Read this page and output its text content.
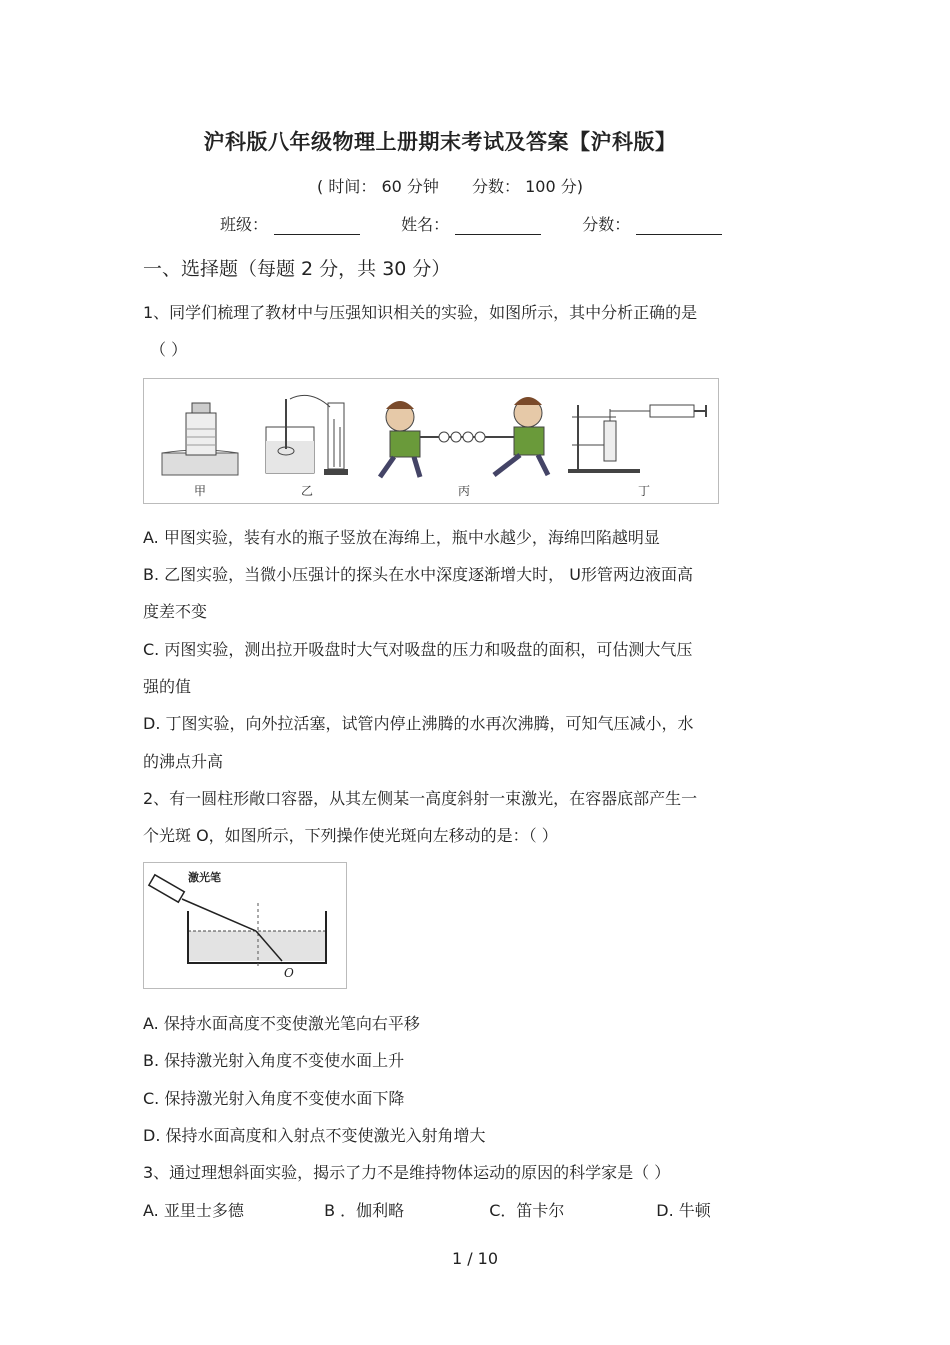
沪科版八年级物理上册期末考试及答案【沪科版】
( 时间： 60 分钟 分数： 100 分)
班级：	姓名：	分数：
一、选择题（每题 2 分，共 30 分）
1、同学们梳理了教材中与压强知识相关的实验，如图所示，其中分析正确的是
（ ）
甲	乙	丙	丁
A. 甲图实验，装有水的瓶子竖放在海绵上，瓶中水越少，海绵凹陷越明显
B. 乙图实验，当微小压强计的探头在水中深度逐渐增大时， U形管两边液面高
度差不变
C. 丙图实验，测出拉开吸盘时大气对吸盘的压力和吸盘的面积，可估测大气压
强的值
D. 丁图实验，向外拉活塞，试管内停止沸腾的水再次沸腾，可知气压减小，水
的沸点升高
2、有一圆柱形敞口容器，从其左侧某一高度斜射一束激光，在容器底部产生一
个光斑 O，如图所示，下列操作使光斑向左移动的是：（ ）
激光笔
O
A. 保持水面高度不变使激光笔向右平移
B. 保持激光射入角度不变使水面上升
C. 保持激光射入角度不变使水面下降
D. 保持水面高度和入射点不变使激光入射角增大
3、通过理想斜面实验，揭示了力不是维持物体运动的原因的科学家是（ ）
A. 亚里士多德	B ．伽利略	C．笛卡尔	D. 牛顿
1 / 10
